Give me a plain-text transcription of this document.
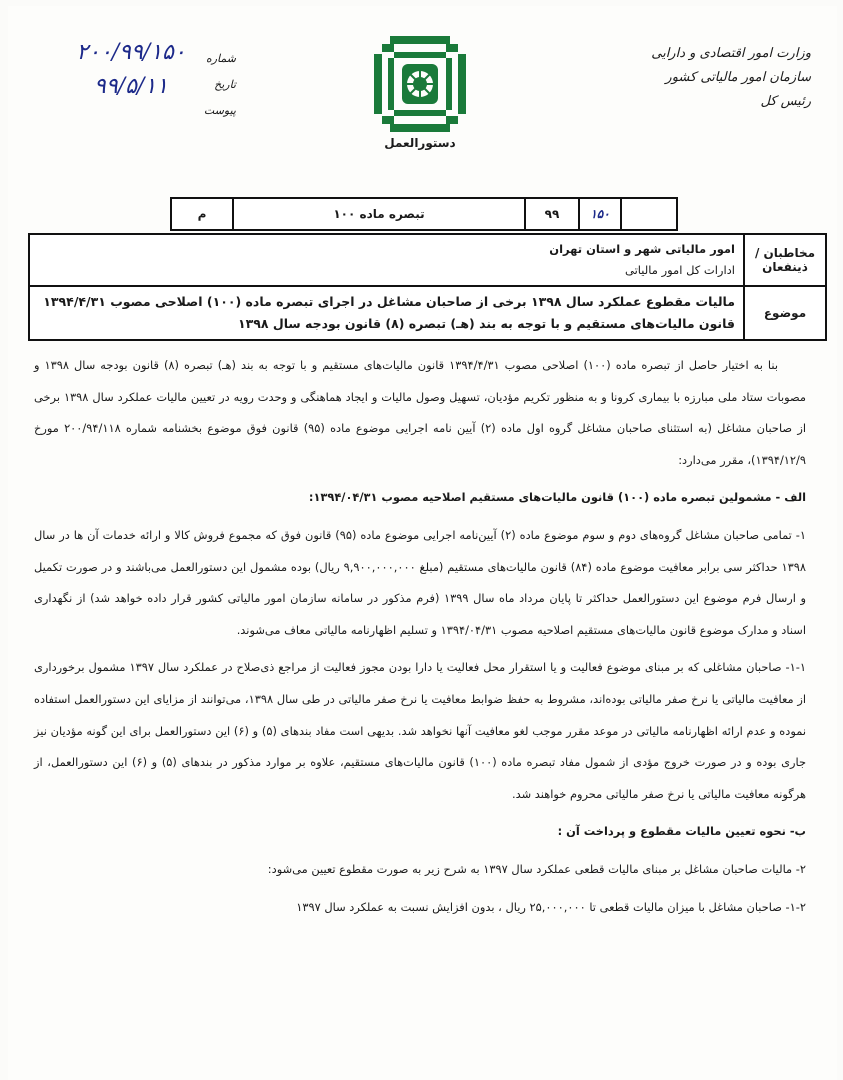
وزارت امور اقتصادی و دارایی
سازمان امور مالیاتی کشور
رئیس کل
دستورالعمل
شماره
تاریخ
پیوست
۲۰۰/۹۹/۱۵۰
۹۹/۵/۱۱
م	تبصره ماده ۱۰۰	۹۹	۱۵۰
مخاطبان / ذینفعان
امور مالیاتی شهر و استان تهران
ادارات کل امور مالیاتی
موضوع
مالیات مقطوع عملکرد سال ۱۳۹۸ برخی از صاحبان مشاغل در اجرای تبصره ماده (۱۰۰) اصلاحی مصوب ۱۳۹۴/۴/۳۱ قانون مالیات‌های مستقیم و با توجه به بند (هـ) تبصره (۸) قانون بودجه سال ۱۳۹۸

بنا به اختیار حاصل از تبصره ماده (۱۰۰) اصلاحی مصوب ۱۳۹۴/۴/۳۱ قانون مالیات‌های مستقیم و با توجه به بند (هـ) تبصره (۸) قانون بودجه سال ۱۳۹۸ و مصوبات ستاد ملی مبارزه با بیماری کرونا و به منظور تکریم مؤدیان، تسهیل وصول مالیات و ایجاد هماهنگی و وحدت رویه در تعیین مالیات عملکرد سال ۱۳۹۸ برخی از صاحبان مشاغل (به استثنای صاحبان مشاغل گروه اول ماده (۲) آیین نامه اجرایی موضوع ماده (۹۵) قانون فوق موضوع بخشنامه شماره ۲۰۰/۹۴/۱۱۸ مورخ ۱۳۹۴/۱۲/۹)، مقرر می‌دارد:

الف - مشمولین تبصره ماده (۱۰۰) قانون مالیات‌های مستقیم اصلاحیه مصوب ۱۳۹۴/۰۴/۳۱:

۱- تمامی صاحبان مشاغل گروه‌های دوم و سوم موضوع ماده (۲) آیین‌نامه اجرایی موضوع ماده (۹۵) قانون فوق که مجموع فروش کالا و ارائه خدمات آن ها در سال ۱۳۹۸ حداکثر سی برابر معافیت موضوع ماده (۸۴) قانون مالیات‌های مستقیم (مبلغ ۹,۹۰۰,۰۰۰,۰۰۰ ریال) بوده مشمول این دستورالعمل می‌باشند و در صورت تکمیل و ارسال فرم موضوع این دستورالعمل حداکثر تا پایان مرداد ماه سال ۱۳۹۹ (فرم مذکور در سامانه سازمان امور مالیاتی کشور قرار داده خواهد شد) از نگهداری اسناد و مدارک موضوع قانون مالیات‌های مستقیم اصلاحیه مصوب ۱۳۹۴/۰۴/۳۱ و تسلیم اظهارنامه مالیاتی معاف می‌شوند.

۱-۱- صاحبان مشاغلی که بر مبنای موضوع فعالیت و یا استقرار محل فعالیت یا دارا بودن مجوز فعالیت از مراجع ذی‌صلاح در عملکرد سال ۱۳۹۷ مشمول برخورداری از معافیت مالیاتی یا نرخ صفر مالیاتی بوده‌اند، مشروط به حفظ ضوابط معافیت یا نرخ صفر مالیاتی در طی سال ۱۳۹۸، می‌توانند از مزایای این دستورالعمل استفاده نموده و عدم ارائه اظهارنامه مالیاتی در موعد مقرر موجب لغو معافیت آنها نخواهد شد. بدیهی است مفاد بندهای (۵) و (۶) این دستورالعمل برای این گونه مؤدیان نیز جاری بوده و در صورت خروج مؤدی از شمول مفاد تبصره ماده (۱۰۰) قانون مالیات‌های مستقیم، علاوه بر موارد مذکور در بندهای (۵) و (۶) این دستورالعمل، از هرگونه معافیت مالیاتی یا نرخ صفر مالیاتی محروم خواهند شد.

ب- نحوه تعیین مالیات مقطوع و پرداخت آن :

۲- مالیات صاحبان مشاغل بر مبنای مالیات قطعی عملکرد سال ۱۳۹۷ به شرح زیر به صورت مقطوع تعیین می‌شود:

۱-۲- صاحبان مشاغل با میزان مالیات قطعی تا ۲۵,۰۰۰,۰۰۰ ریال ، بدون افزایش نسبت به عملکرد سال ۱۳۹۷
